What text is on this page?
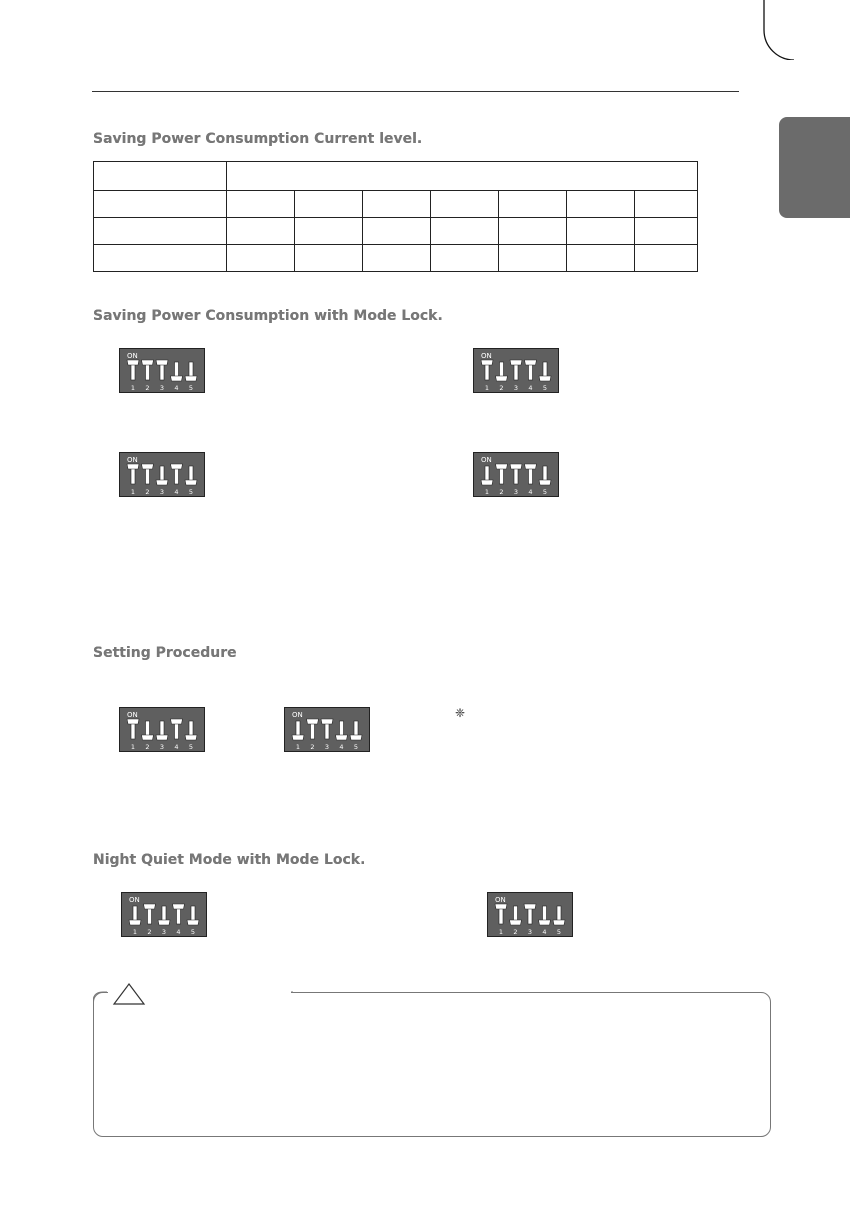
Saving Power Consumption Current level.

Saving Power Consumption with Mode Lock.
ON
1 2 3 4 5
ON
1 2 3 4 5
ON
1 2 3 4 5
ON
1 2 3 4 5
Setting Procedure
ON
1 2 3 4 5
ON
1 2 3 4 5
❈
Night Quiet Mode with Mode Lock.
ON
1 2 3 4 5
ON
1 2 3 4 5
